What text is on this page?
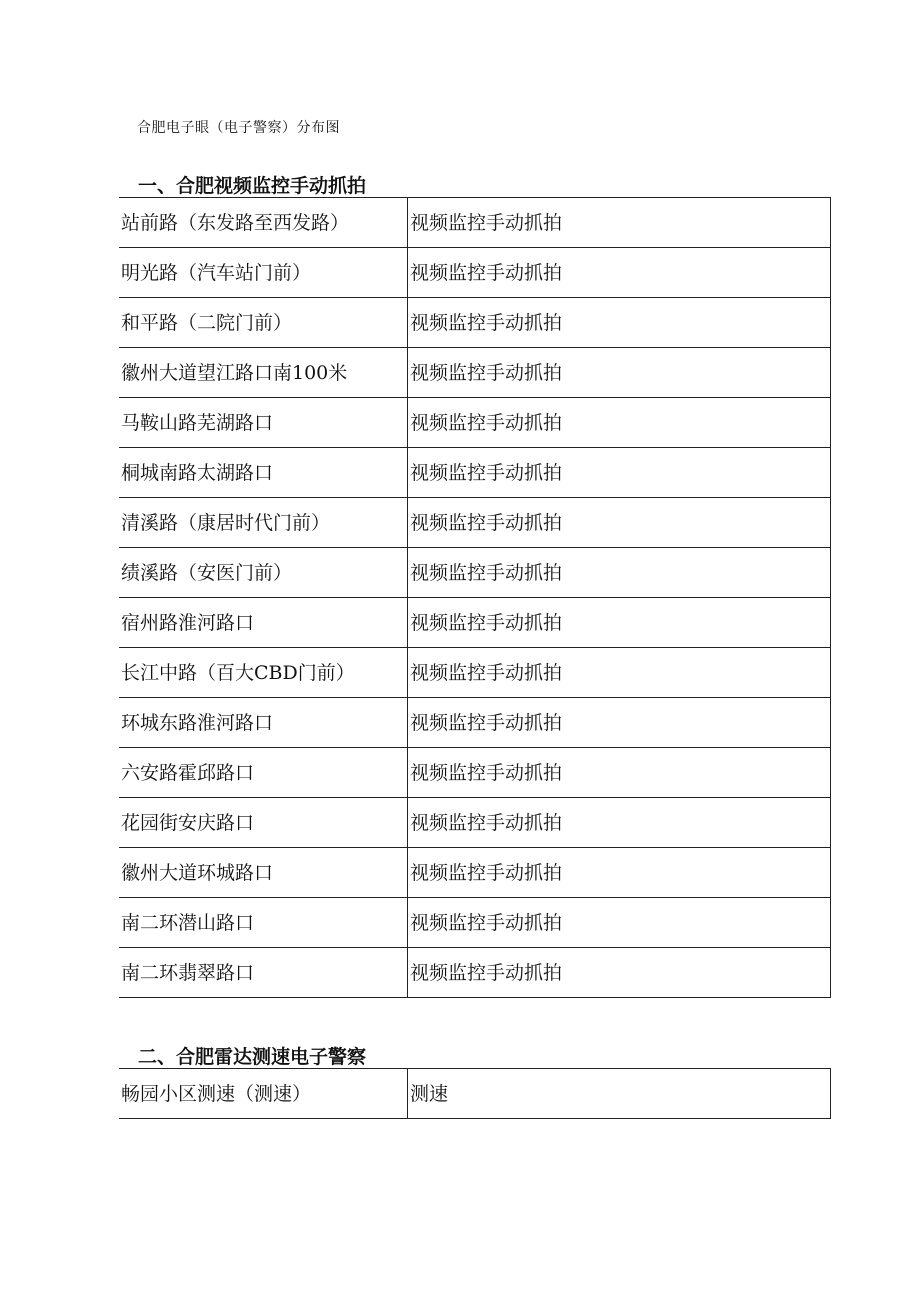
合肥电子眼（电子警察）分布图
一、合肥视频监控手动抓拍
站前路（东发路至西发路）	视频监控手动抓拍
明光路（汽车站门前）	视频监控手动抓拍
和平路（二院门前）	视频监控手动抓拍
徽州大道望江路口南100米	视频监控手动抓拍
马鞍山路芜湖路口	视频监控手动抓拍
桐城南路太湖路口	视频监控手动抓拍
清溪路（康居时代门前）	视频监控手动抓拍
绩溪路（安医门前）	视频监控手动抓拍
宿州路淮河路口	视频监控手动抓拍
长江中路（百大CBD门前）	视频监控手动抓拍
环城东路淮河路口	视频监控手动抓拍
六安路霍邱路口	视频监控手动抓拍
花园街安庆路口	视频监控手动抓拍
徽州大道环城路口	视频监控手动抓拍
南二环潜山路口	视频监控手动抓拍
南二环翡翠路口	视频监控手动抓拍
二、合肥雷达测速电子警察
畅园小区测速（测速）	测速
